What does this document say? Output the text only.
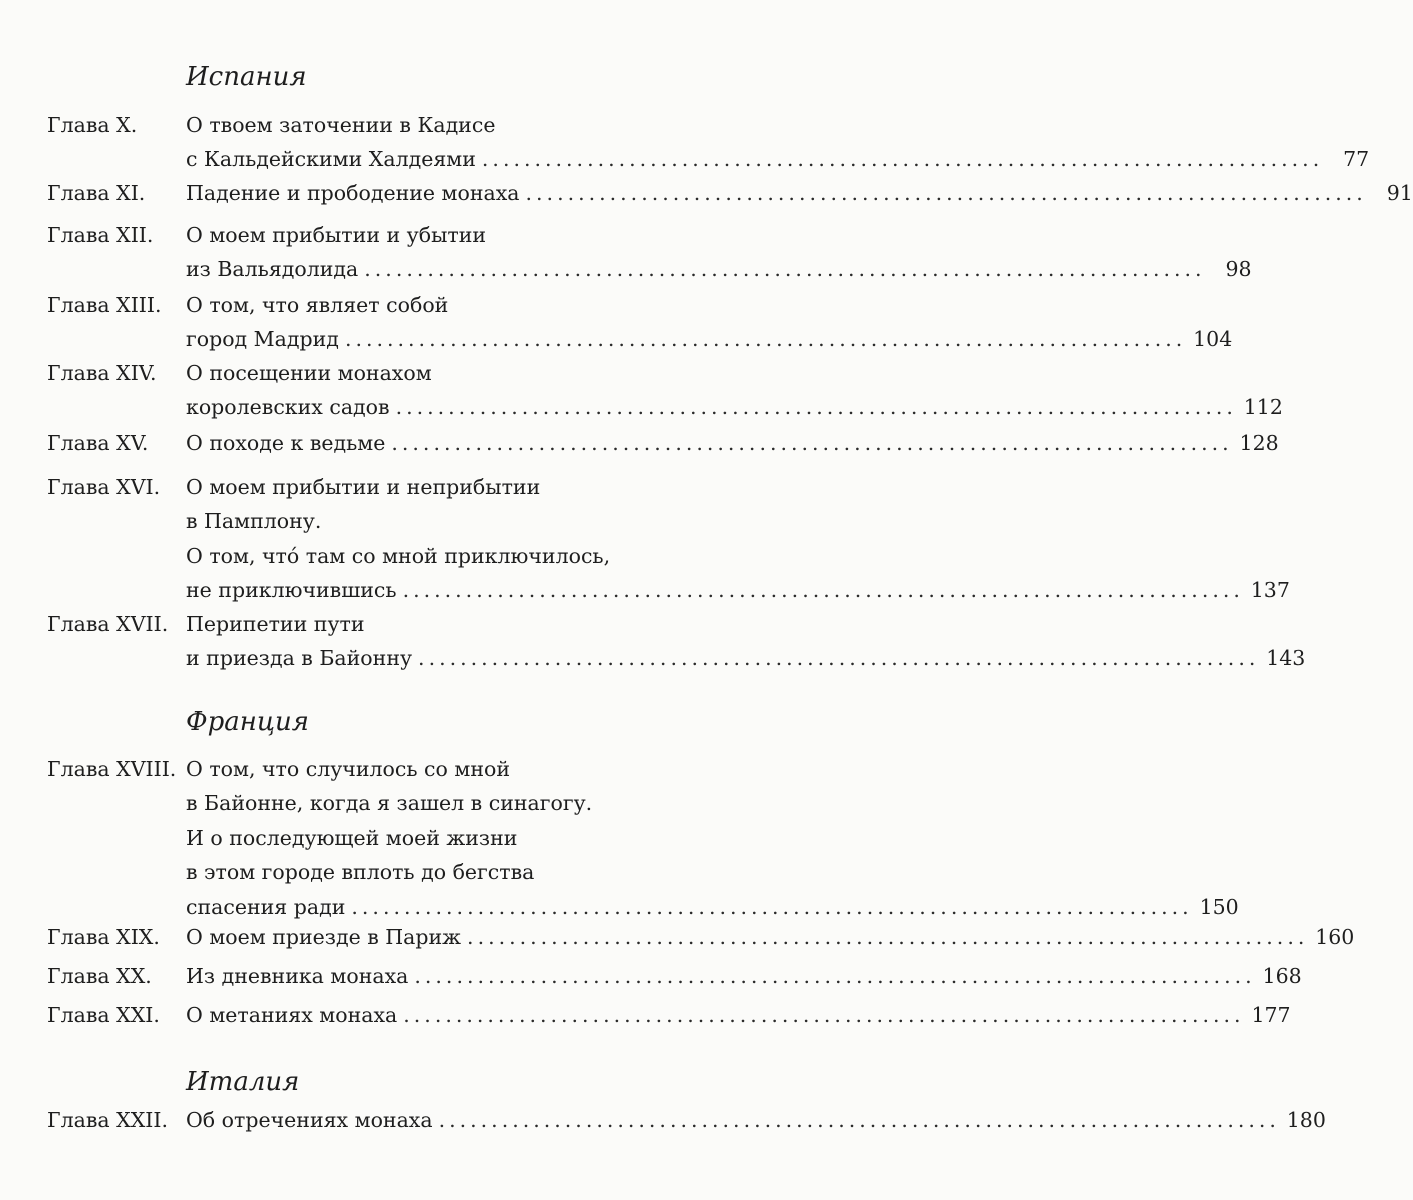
Испания
Глава X. О твоем заточении в Кадисе
с Кальдейскими Халдеями ................................................................................ 77
Глава XI. Падение и прободение монаха ................................................................................ 91
Глава XII. О моем прибытии и убытии
из Вальядолида ................................................................................ 98
Глава XIII. О том, что являет собой
город Мадрид ................................................................................ 104
Глава XIV. О посещении монахом
королевских садов ................................................................................ 112
Глава XV. О походе к ведьме ................................................................................ 128
Глава XVI. О моем прибытии и неприбытии
в Памплону.
О том, что́ там со мной приключилось,
не приключившись ................................................................................ 137
Глава XVII. Перипетии пути
и приезда в Байонну ................................................................................ 143
Франция
Глава XVIII. О том, что случилось со мной
в Байонне, когда я зашел в синагогу.
И о последующей моей жизни
в этом городе вплоть до бегства
спасения ради ................................................................................ 150
Глава XIX. О моем приезде в Париж ................................................................................ 160
Глава XX. Из дневника монаха ................................................................................ 168
Глава XXI. О метаниях монаха ................................................................................ 177
Италия
Глава XXII. Об отречениях монаха ................................................................................ 180
